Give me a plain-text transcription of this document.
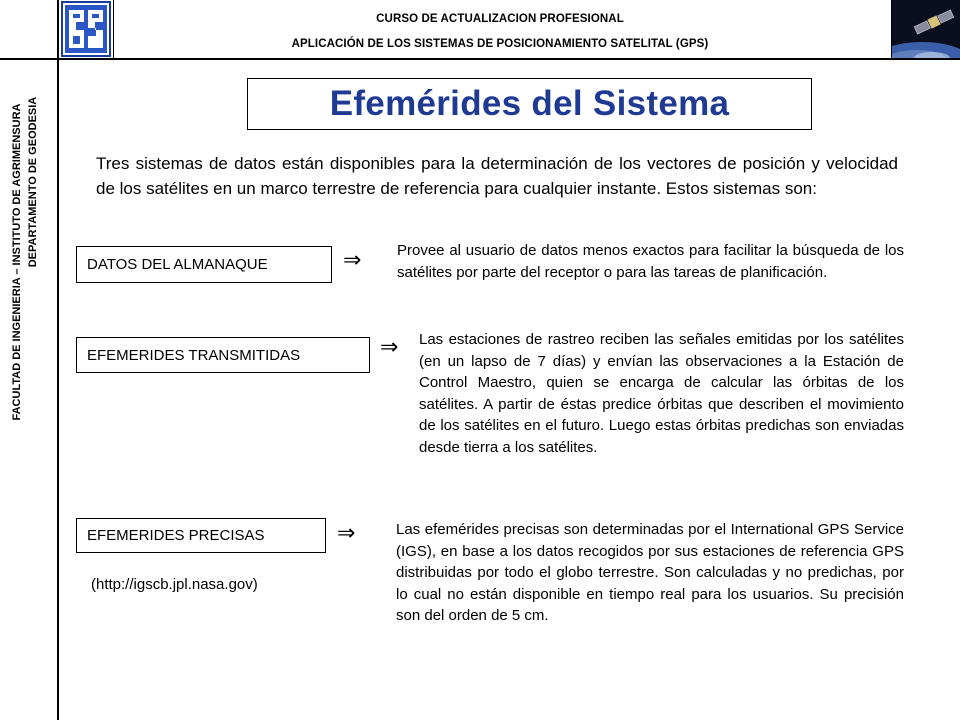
CURSO DE ACTUALIZACION PROFESIONAL
APLICACIÓN DE LOS SISTEMAS DE POSICIONAMIENTO SATELITAL (GPS)
FACULTAD DE INGENIERIA – INSTITUTO DE AGRIMENSURA DEPARTAMENTO DE GEODESIA	Efemérides del Sistema
Tres sistemas de datos están disponibles para la determinación de los vectores de posición y velocidad de los satélites en un marco terrestre de referencia para cualquier instante. Estos sistemas son:
DATOS DEL ALMANAQUE	⇒ Provee al usuario de datos menos exactos para facilitar la búsqueda de los satélites por parte del receptor o para las tareas de planificación.
EFEMERIDES TRANSMITIDAS	⇒ Las estaciones de rastreo reciben las señales emitidas por los satélites (en un lapso de 7 días) y envían las observaciones a la Estación de Control Maestro, quien se encarga de calcular las órbitas de los satélites. A partir de éstas predice órbitas que describen el movimiento de los satélites en el futuro. Luego estas órbitas predichas son enviadas desde tierra a los satélites.
EFEMERIDES PRECISAS	⇒	Las efemérides precisas son determinadas por el International GPS Service (IGS), en base a los datos recogidos por sus estaciones de referencia GPS distribuidas por todo el globo terrestre. Son calculadas y no predichas, por lo cual no están disponible en tiempo real para los usuarios. Su precisión son del orden de 5 cm.
(http://igscb.jpl.nasa.gov)
